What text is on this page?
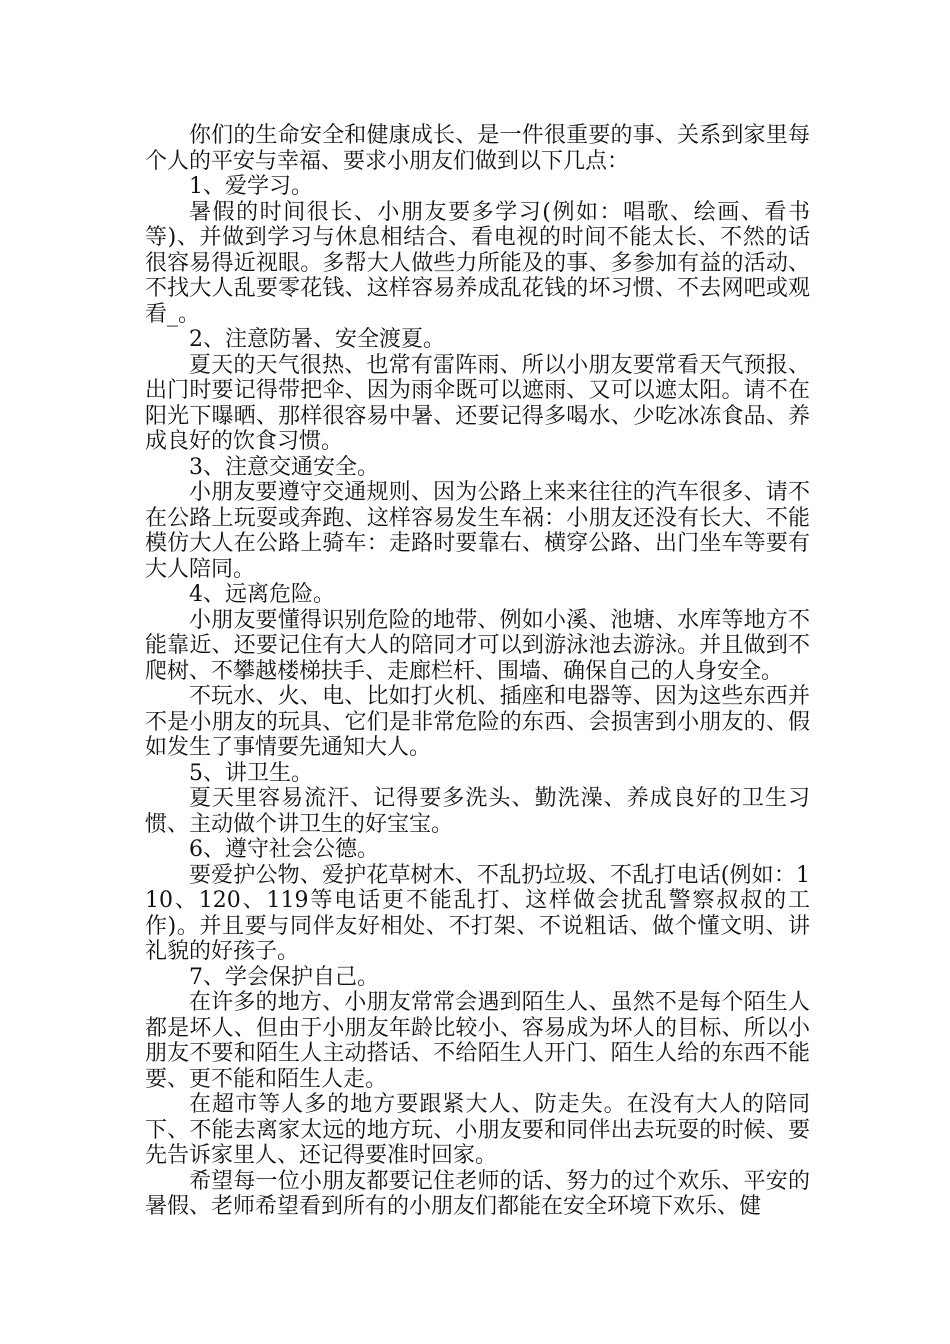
你们的生命安全和健康成长、是一件很重要的事、关系到家里每个人的平安与幸福、要求小朋友们做到以下几点：

1、爱学习。

暑假的时间很长、小朋友要多学习(例如：唱歌、绘画、看书等)、并做到学习与休息相结合、看电视的时间不能太长、不然的话很容易得近视眼。多帮大人做些力所能及的事、多参加有益的活动、不找大人乱要零花钱、这样容易养成乱花钱的坏习惯、不去网吧或观看_。

2、注意防暑、安全渡夏。

夏天的天气很热、也常有雷阵雨、所以小朋友要常看天气预报、出门时要记得带把伞、因为雨伞既可以遮雨、又可以遮太阳。请不在阳光下曝晒、那样很容易中暑、还要记得多喝水、少吃冰冻食品、养成良好的饮食习惯。

3、注意交通安全。

小朋友要遵守交通规则、因为公路上来来往往的汽车很多、请不在公路上玩耍或奔跑、这样容易发生车祸：小朋友还没有长大、不能模仿大人在公路上骑车：走路时要靠右、横穿公路、出门坐车等要有大人陪同。

4、远离危险。

小朋友要懂得识别危险的地带、例如小溪、池塘、水库等地方不能靠近、还要记住有大人的陪同才可以到游泳池去游泳。并且做到不爬树、不攀越楼梯扶手、走廊栏杆、围墙、确保自己的人身安全。

不玩水、火、电、比如打火机、插座和电器等、因为这些东西并不是小朋友的玩具、它们是非常危险的东西、会损害到小朋友的、假如发生了事情要先通知大人。

5、讲卫生。

夏天里容易流汗、记得要多洗头、勤洗澡、养成良好的卫生习惯、主动做个讲卫生的好宝宝。

6、遵守社会公德。

要爱护公物、爱护花草树木、不乱扔垃圾、不乱打电话(例如：110、120、119等电话更不能乱打、这样做会扰乱警察叔叔的工作)。并且要与同伴友好相处、不打架、不说粗话、做个懂文明、讲礼貌的好孩子。

7、学会保护自己。

在许多的地方、小朋友常常会遇到陌生人、虽然不是每个陌生人都是坏人、但由于小朋友年龄比较小、容易成为坏人的目标、所以小朋友不要和陌生人主动搭话、不给陌生人开门、陌生人给的东西不能要、更不能和陌生人走。

在超市等人多的地方要跟紧大人、防走失。在没有大人的陪同下、不能去离家太远的地方玩、小朋友要和同伴出去玩耍的时候、要先告诉家里人、还记得要准时回家。

希望每一位小朋友都要记住老师的话、努力的过个欢乐、平安的暑假、老师希望看到所有的小朋友们都能在安全环境下欢乐、健
